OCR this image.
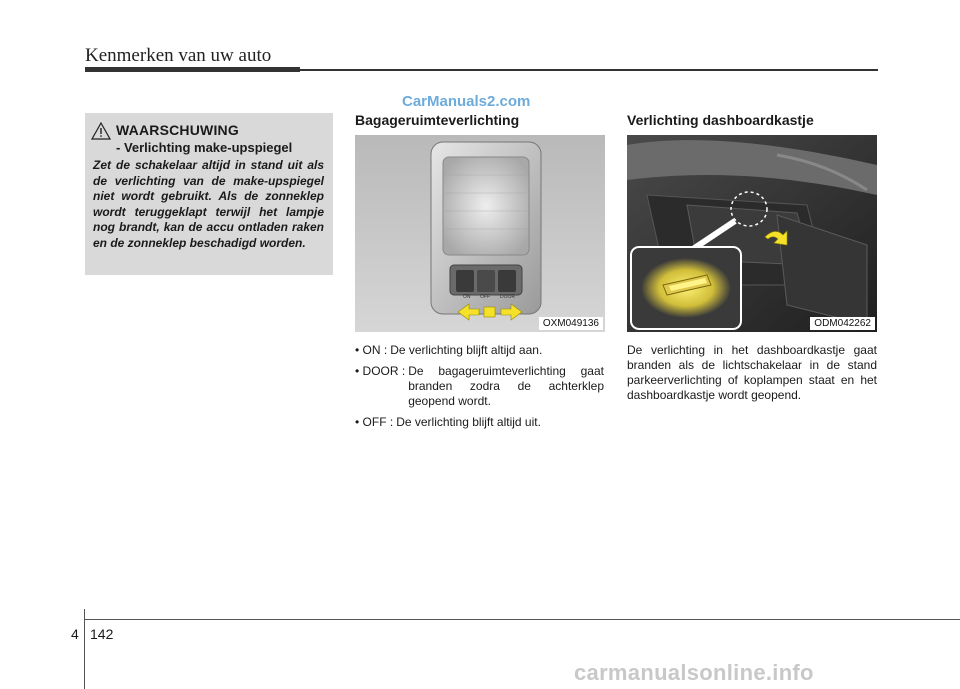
Kenmerken van uw auto
CarManuals2.com
WAARSCHUWING
- Verlichting make-upspiegel
Zet de schakelaar altijd in stand uit als de verlichting van de make-upspiegel niet wordt gebruikt. Als de zonneklep wordt teruggeklapt terwijl het lampje nog brandt, kan de accu ontladen raken en de zonneklep beschadigd worden.
Bagageruimteverlichting
ON OFF DOOR
OXM049136
• ON : De verlichting blijft altijd aan.
• DOOR : De bagageruimteverlichting gaat branden zodra de achterklep geopend wordt.
• OFF : De verlichting blijft altijd uit.
Verlichting dashboardkastje
ODM042262
De verlichting in het dashboardkastje gaat branden als de lichtschakelaar in de stand parkeerverlichting of koplampen staat en het dashboardkastje wordt geopend.
4 142
carmanualsonline.info
